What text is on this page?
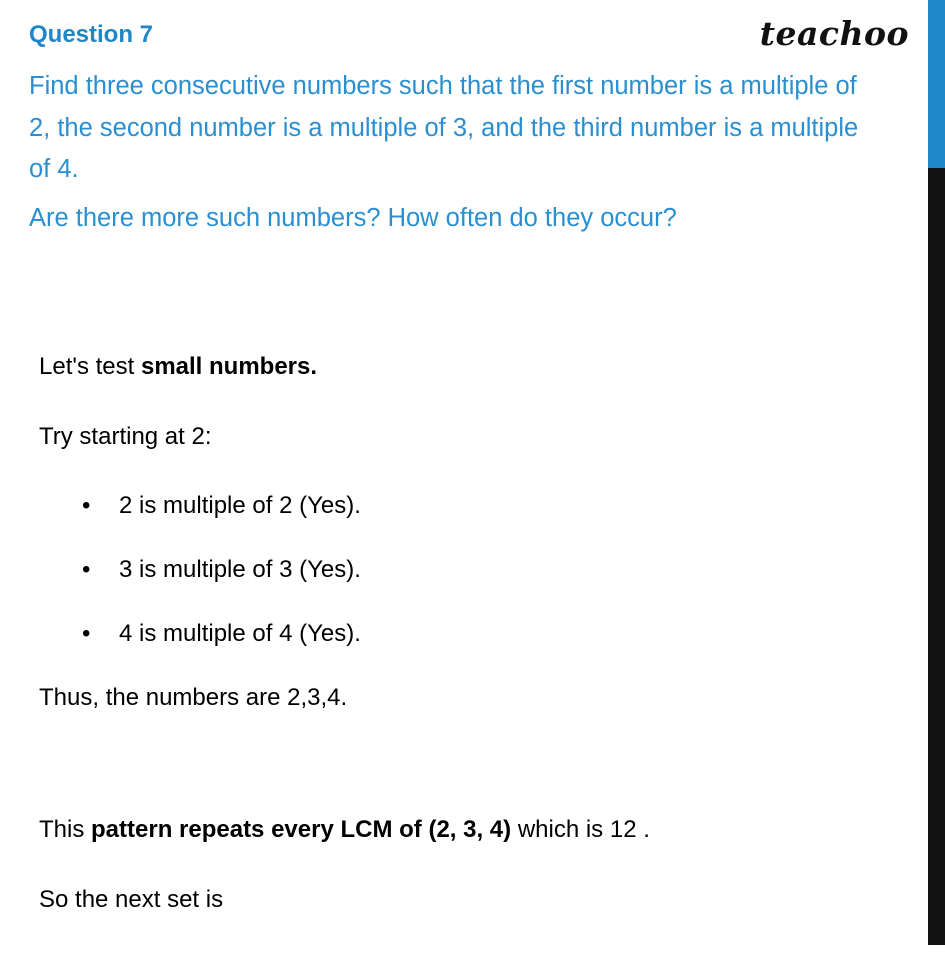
teachoo
Question 7
Find three consecutive numbers such that the first number is a multiple of 2, the second number is a multiple of 3, and the third number is a multiple of 4.
Are there more such numbers? How often do they occur?

Let's test small numbers.

Try starting at 2:

• 2 is multiple of 2 (Yes).
• 3 is multiple of 3 (Yes).
• 4 is multiple of 4 (Yes).

Thus, the numbers are 2,3,4.

This pattern repeats every LCM of (2, 3, 4) which is 12 .

So the next set is
